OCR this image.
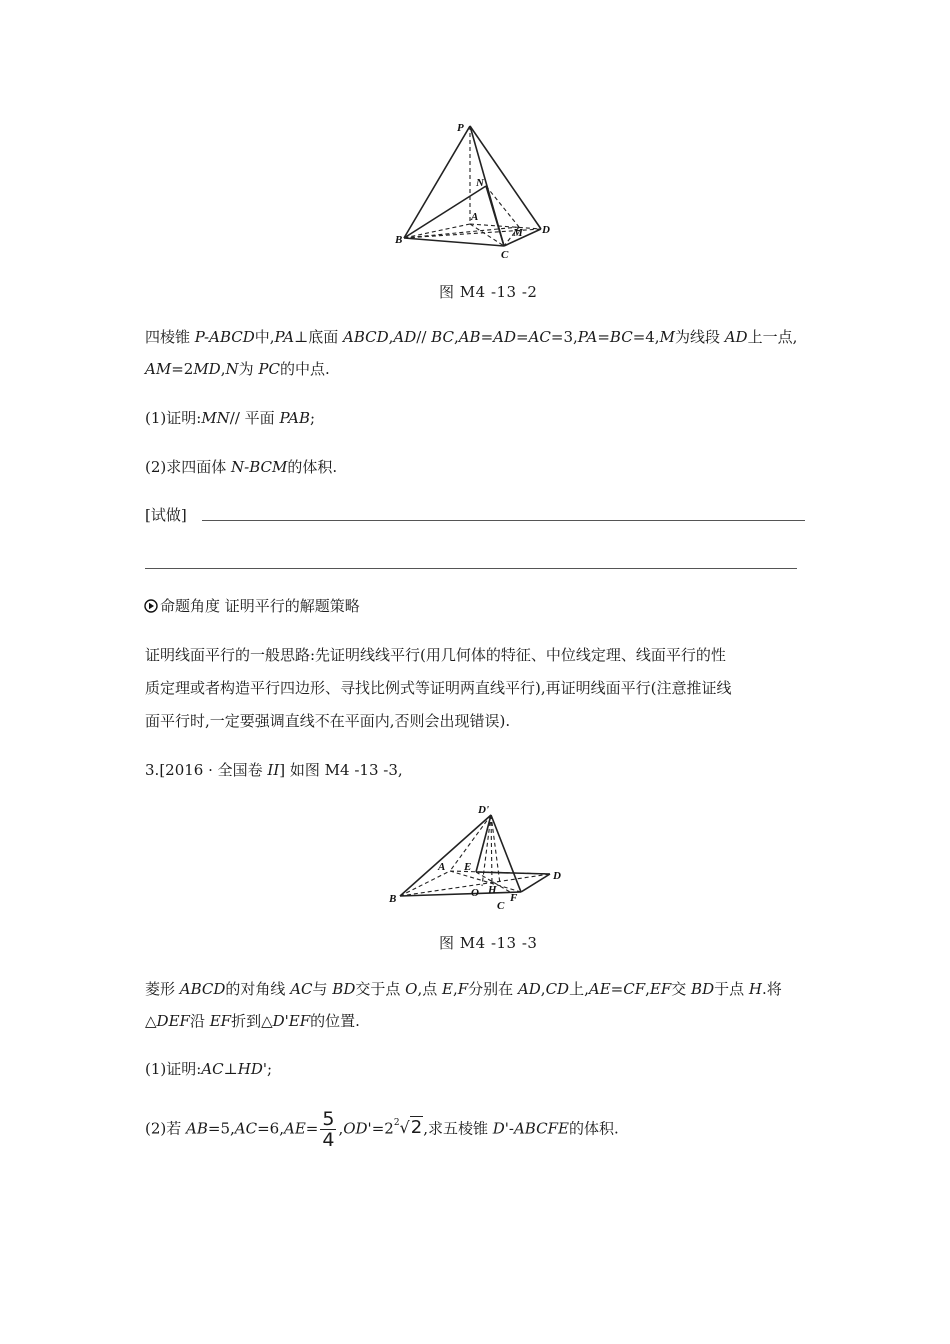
P
N
A
B
C
D
M
图 M4 -13 -2
四棱锥 P-ABCD中,PA⊥底面 ABCD,AD// BC,AB=AD=AC=3,PA=BC=4,M为线段 AD上一点,
AM=2MD,N为 PC的中点.
(1)证明:MN// 平面 PAB;
(2)求四面体 N-BCM的体积.
[试做]
命题角度 证明平行的解题策略
证明线面平行的一般思路:先证明线线平行(用几何体的特征、中位线定理、线面平行的性
质定理或者构造平行四边形、寻找比例式等证明两直线平行),再证明线面平行(注意推证线
面平行时,一定要强调直线不在平面内,否则会出现错误).
3.[2016 · 全国卷 II] 如图 M4 -13 -3,
D'
A E
D
B	O H
C
F
图 M4 -13 -3
菱形 ABCD的对角线 AC与 BD交于点 O,点 E,F分别在 AD,CD上,AE=CF,EF交 BD于点 H.将
△DEF沿 EF折到△D'EF的位置.
(1)证明:AC⊥HD';
(2)若 $AB=5,AC=6,AE= \frac{5}{4} ,OD'=2^2√2$,求五棱锥 D'-ABCFE的体积.
